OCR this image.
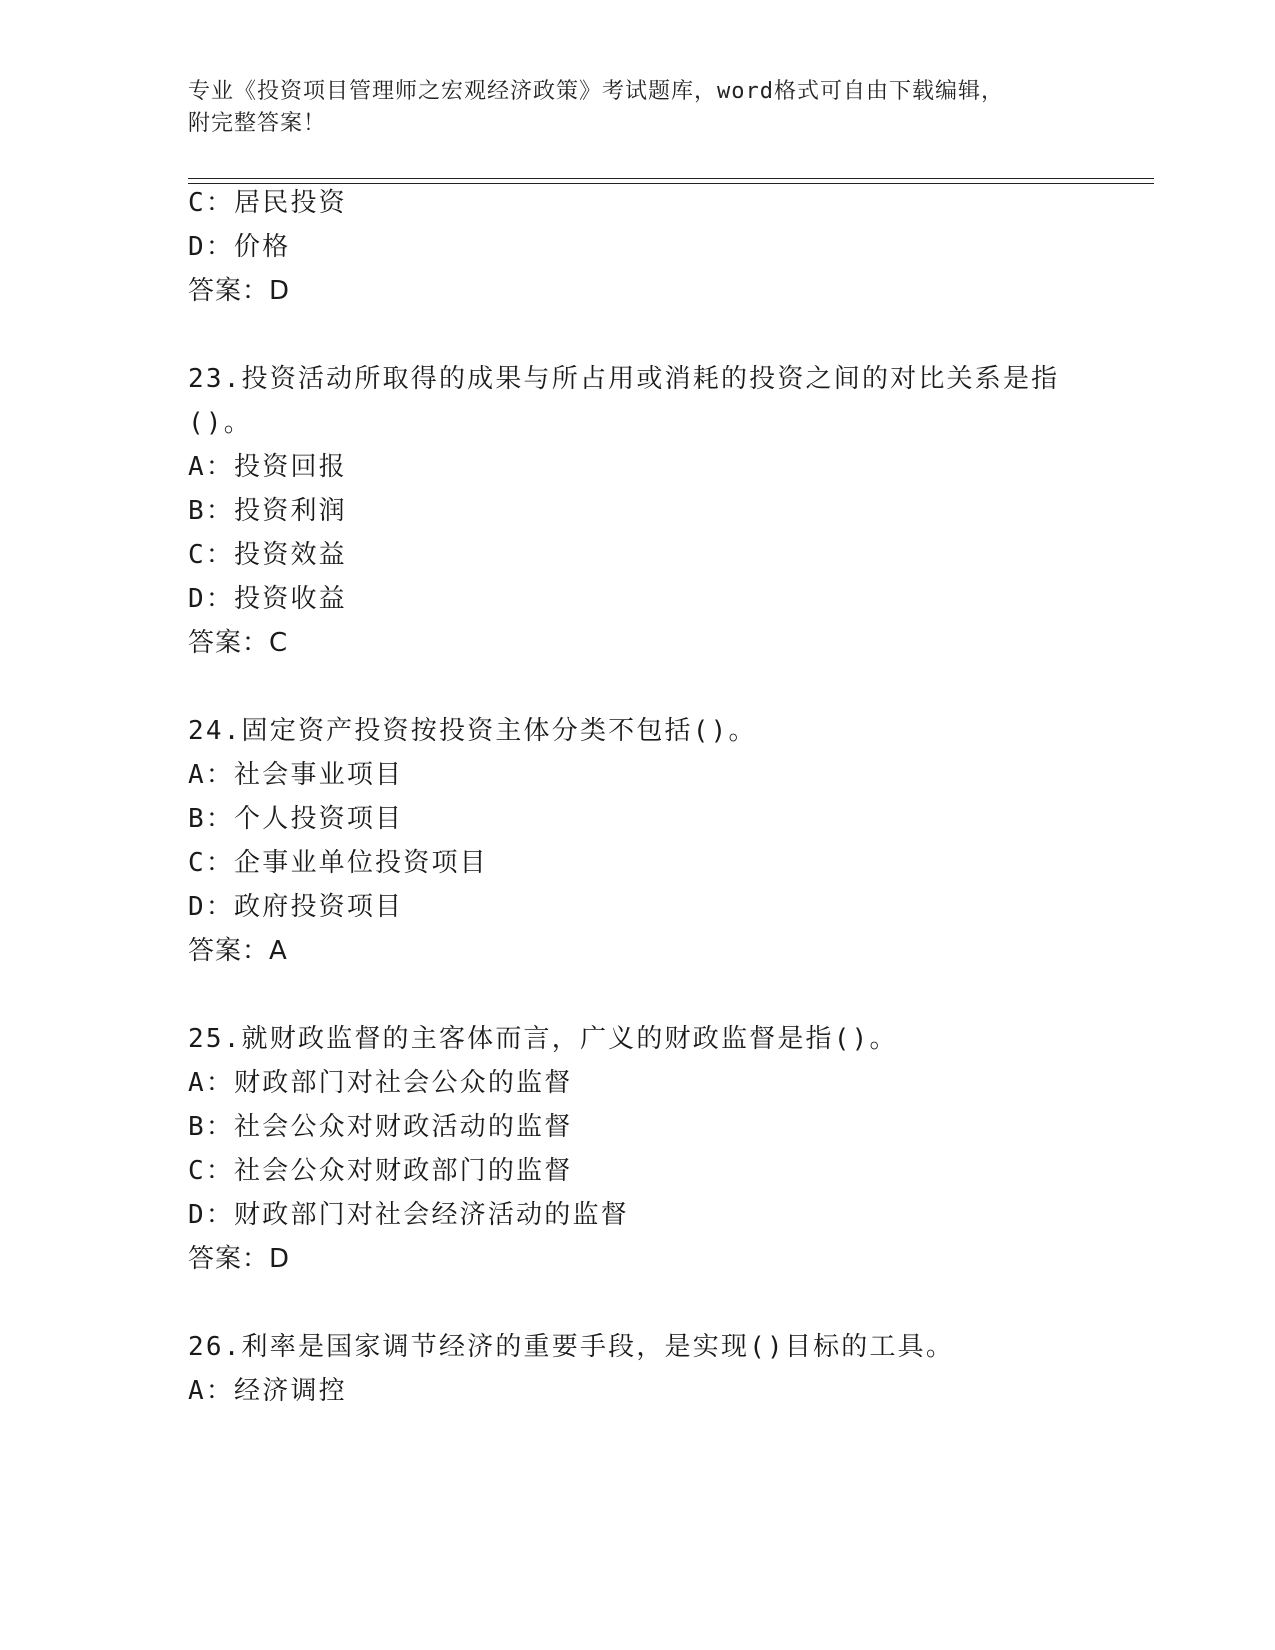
专业《投资项目管理师之宏观经济政策》考试题库，word格式可自由下载编辑，
附完整答案！
C：居民投资
D：价格
答案：D
23.投资活动所取得的成果与所占用或消耗的投资之间的对比关系是指
()。
A：投资回报
B：投资利润
C：投资效益
D：投资收益
答案：C
24.固定资产投资按投资主体分类不包括()。
A：社会事业项目
B：个人投资项目
C：企事业单位投资项目
D：政府投资项目
答案：A
25.就财政监督的主客体而言，广义的财政监督是指()。
A：财政部门对社会公众的监督
B：社会公众对财政活动的监督
C：社会公众对财政部门的监督
D：财政部门对社会经济活动的监督
答案：D
26.利率是国家调节经济的重要手段，是实现()目标的工具。
A：经济调控
